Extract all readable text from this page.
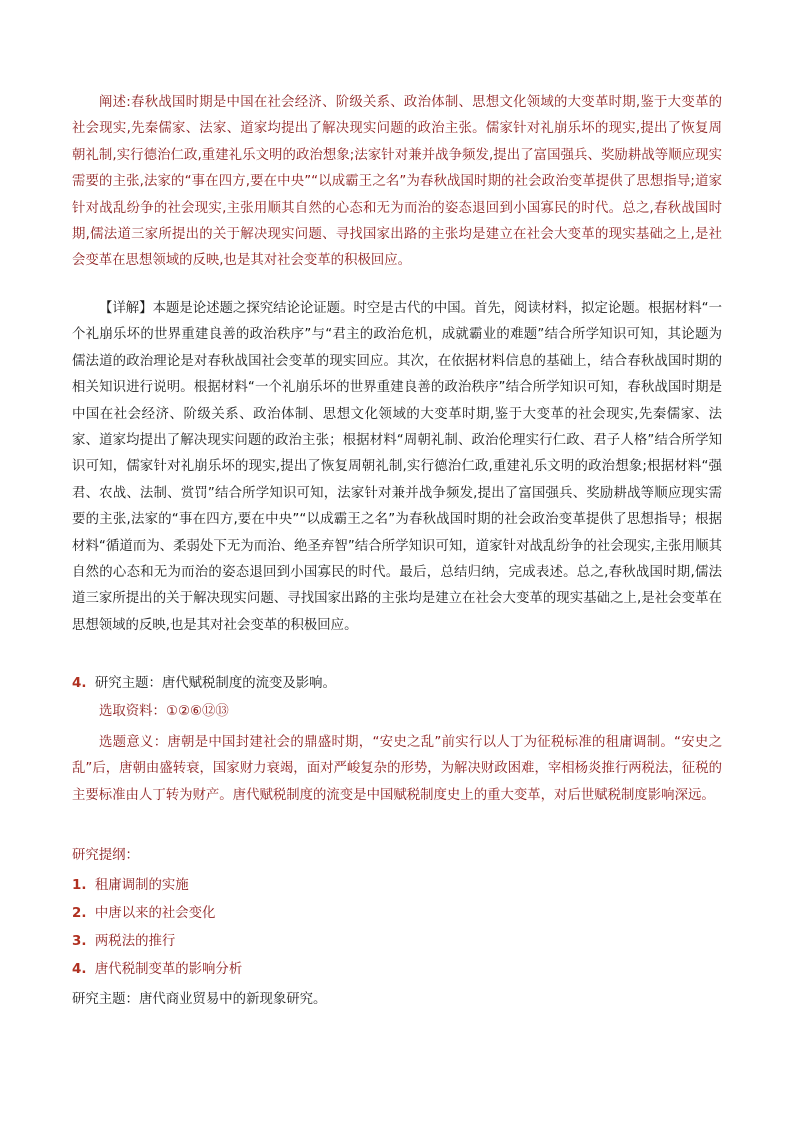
阐述:春秋战国时期是中国在社会经济、阶级关系、政治体制、思想文化领域的大变革时期,鉴于大变革的社会现实,先秦儒家、法家、道家均提出了解决现实问题的政治主张。儒家针对礼崩乐坏的现实,提出了恢复周朝礼制,实行德治仁政,重建礼乐文明的政治想象;法家针对兼并战争频发,提出了富国强兵、奖励耕战等顺应现实需要的主张,法家的“事在四方,要在中央”“以成霸王之名”为春秋战国时期的社会政治变革提供了思想指导;道家针对战乱纷争的社会现实,主张用顺其自然的心态和无为而治的姿态退回到小国寡民的时代。总之,春秋战国时期,儒法道三家所提出的关于解决现实问题、寻找国家出路的主张均是建立在社会大变革的现实基础之上,是社会变革在思想领域的反映,也是其对社会变革的积极回应。

【详解】本题是论述题之探究结论论证题。时空是古代的中国。首先，阅读材料，拟定论题。根据材料“一个礼崩乐坏的世界重建良善的政治秩序”与“君主的政治危机，成就霸业的难题”结合所学知识可知，其论题为儒法道的政治理论是对春秋战国社会变革的现实回应。其次，在依据材料信息的基础上，结合春秋战国时期的相关知识进行说明。根据材料“一个礼崩乐坏的世界重建良善的政治秩序”结合所学知识可知，春秋战国时期是中国在社会经济、阶级关系、政治体制、思想文化领域的大变革时期,鉴于大变革的社会现实,先秦儒家、法家、道家均提出了解决现实问题的政治主张；根据材料“周朝礼制、政治伦理实行仁政、君子人格”结合所学知识可知，儒家针对礼崩乐坏的现实,提出了恢复周朝礼制,实行德治仁政,重建礼乐文明的政治想象;根据材料“强君、农战、法制、赏罚”结合所学知识可知，法家针对兼并战争频发,提出了富国强兵、奖励耕战等顺应现实需要的主张,法家的“事在四方,要在中央”“以成霸王之名”为春秋战国时期的社会政治变革提供了思想指导；根据材料“循道而为、柔弱处下无为而治、绝圣弃智”结合所学知识可知，道家针对战乱纷争的社会现实,主张用顺其自然的心态和无为而治的姿态退回到小国寡民的时代。最后，总结归纳，完成表述。总之,春秋战国时期,儒法道三家所提出的关于解决现实问题、寻找国家出路的主张均是建立在社会大变革的现实基础之上,是社会变革在思想领域的反映,也是其对社会变革的积极回应。

4. 研究主题：唐代赋税制度的流变及影响。

选取资料：①②⑥⑫⑬

选题意义：唐朝是中国封建社会的鼎盛时期，“安史之乱”前实行以人丁为征税标准的租庸调制。“安史之乱”后，唐朝由盛转衰，国家财力衰竭，面对严峻复杂的形势，为解决财政困难，宰相杨炎推行两税法，征税的主要标准由人丁转为财产。唐代赋税制度的流变是中国赋税制度史上的重大变革，对后世赋税制度影响深远。

研究提纲：

1. 租庸调制的实施

2. 中唐以来的社会变化

3. 两税法的推行

4. 唐代税制变革的影响分析

研究主题：唐代商业贸易中的新现象研究。
